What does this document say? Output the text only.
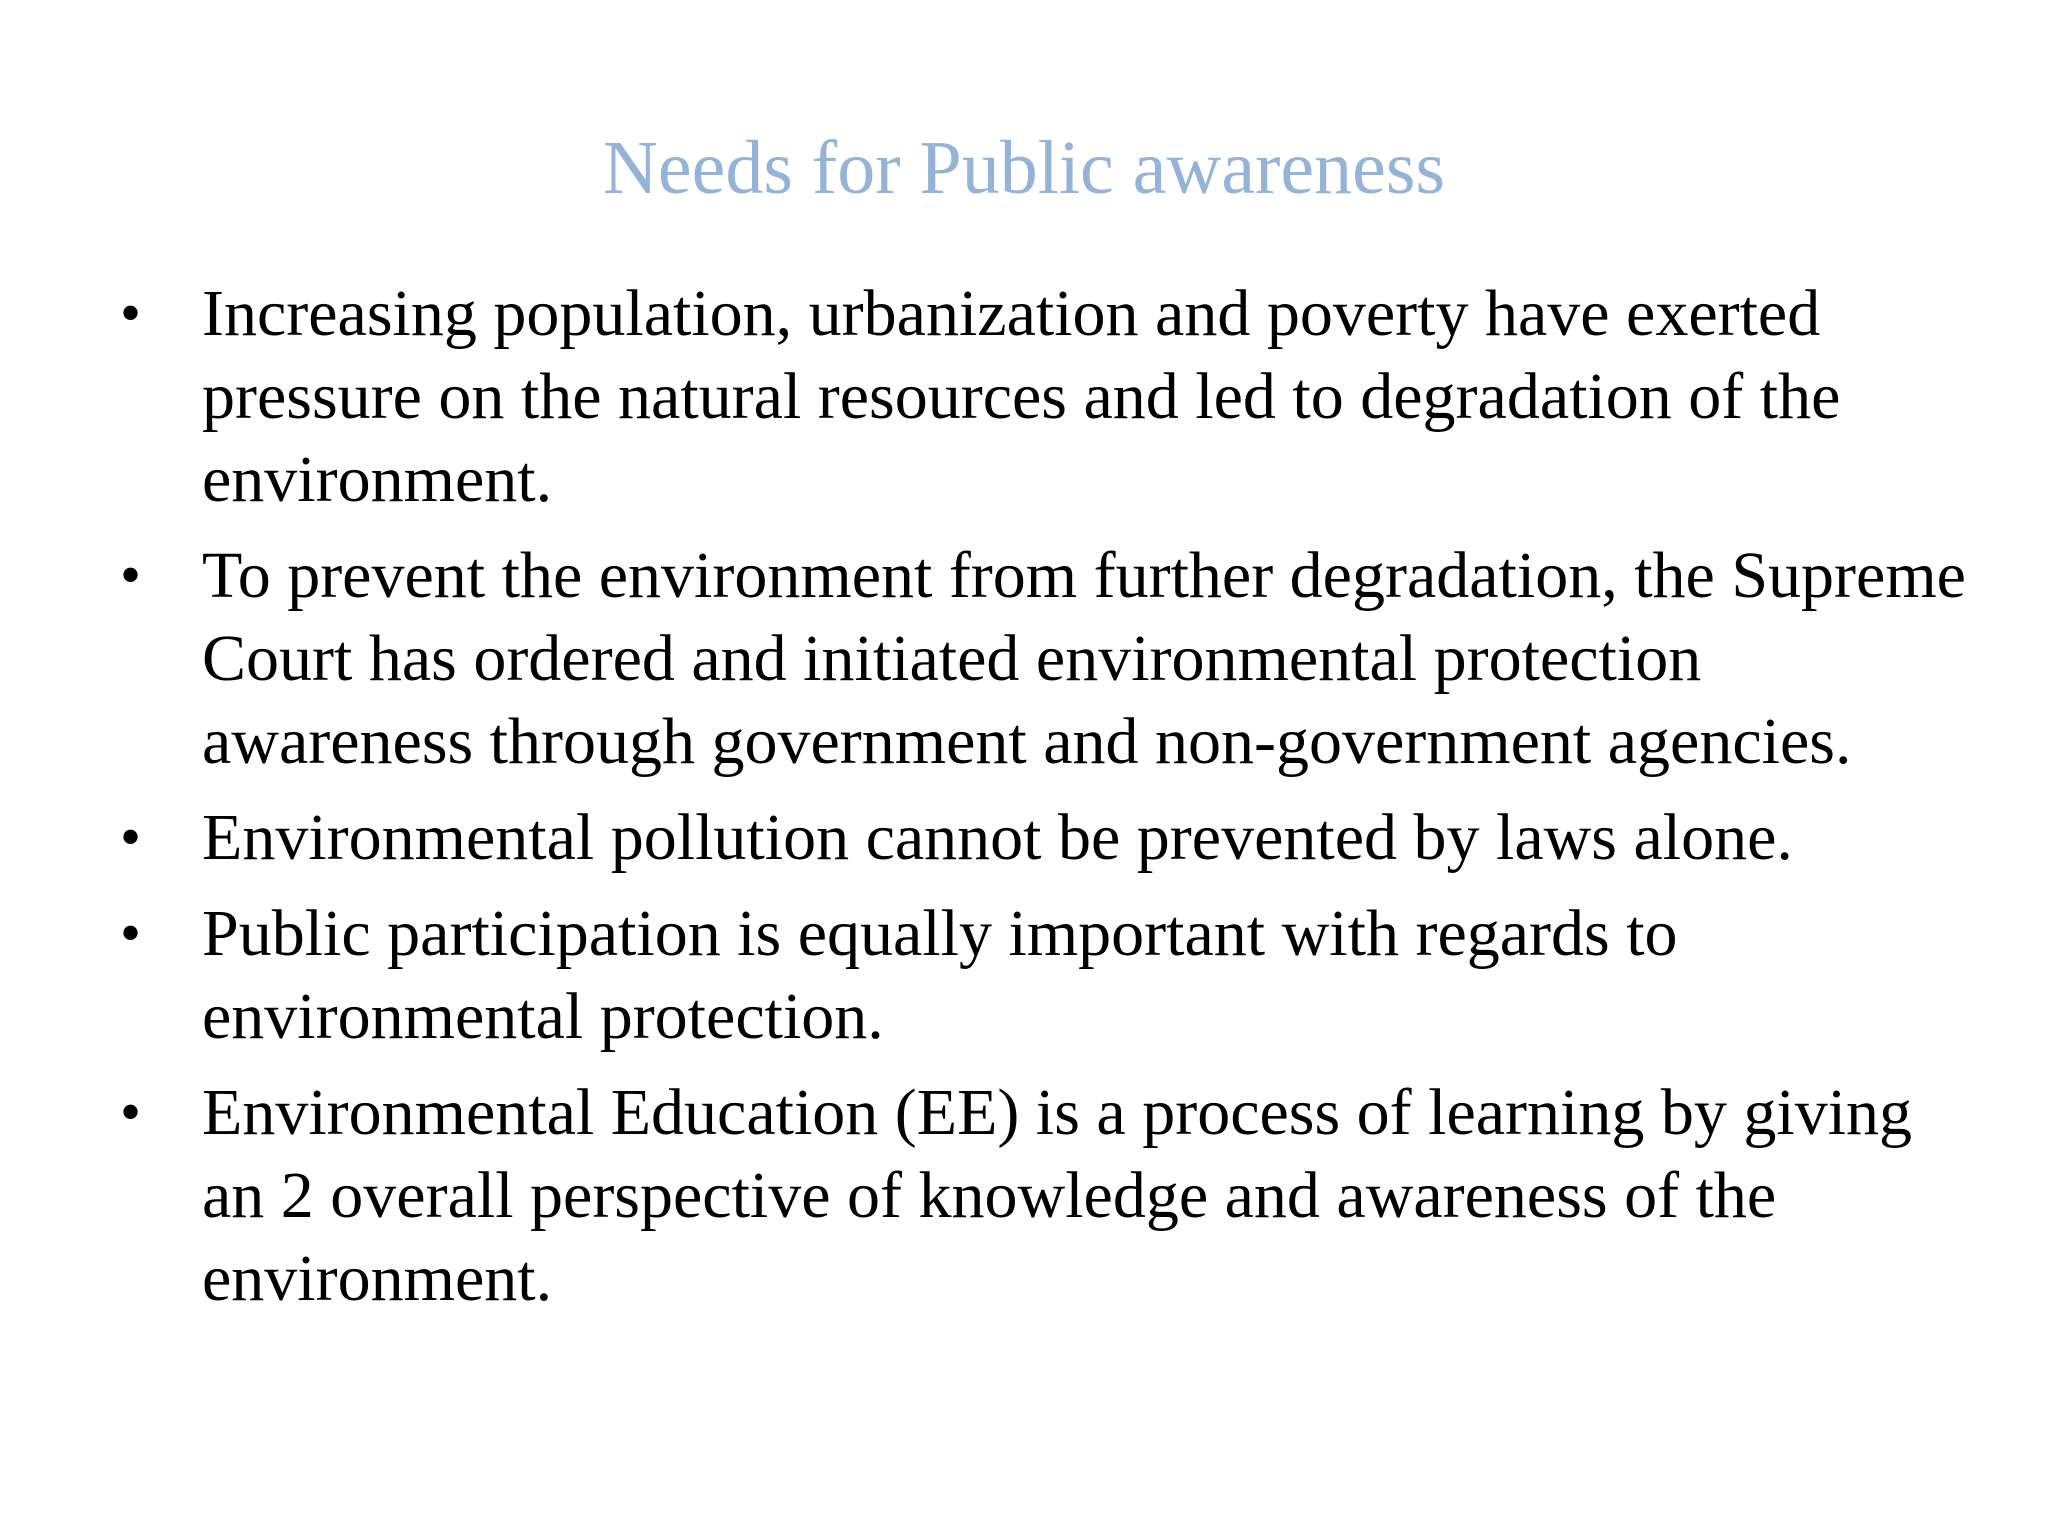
Needs for Public awareness
• Increasing population, urbanization and poverty have exerted pressure on the natural resources and led to degradation of the environment.
• To prevent the environment from further degradation, the Supreme Court has ordered and initiated environmental protection awareness through government and non-government agencies.
• Environmental pollution cannot be prevented by laws alone.
• Public participation is equally important with regards to environmental protection.
• Environmental Education (EE) is a process of learning by giving an 2 overall perspective of knowledge and awareness of the environment.
